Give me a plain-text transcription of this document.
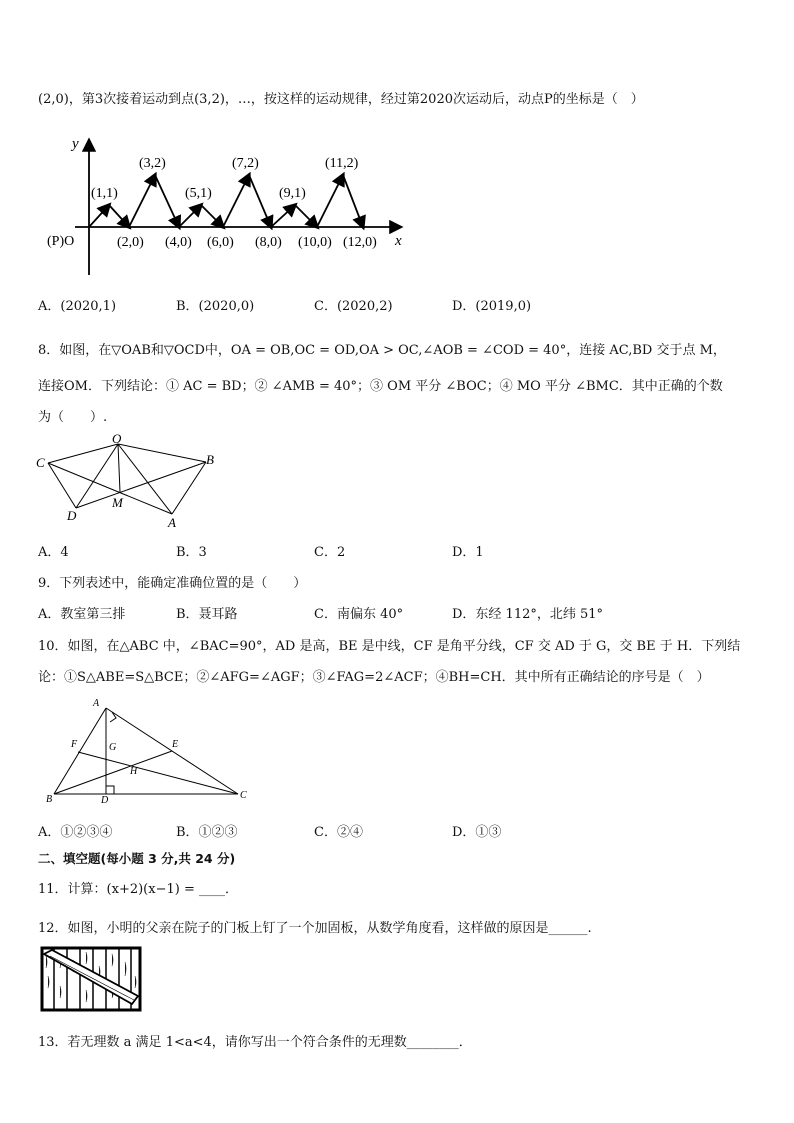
(2,0)，第3次接着运动到点(3,2)，…，按这样的运动规律，经过第2020次运动后，动点P的坐标是（　）
y
x
(P)O
(1,1)
(3,2)
(5,1)
(7,2)
(9,1)
(11,2)
(2,0) (4,0) (6,0) (8,0) (10,0) (12,0)
A．(2020,1)	B．(2020,0)	C．(2020,2)	D．(2019,0)
8．如图，在▽OAB和▽OCD中，OA = OB,OC = OD,OA > OC,∠AOB = ∠COD = 40°，连接 AC,BD 交于点 M，
连接OM．下列结论：① AC = BD；② ∠AMB = 40°；③ OM 平分 ∠BOC；④ MO 平分 ∠BMC．其中正确的个数
为（　　）.
O
C	B
D
M
A
A．4	B．3	C．2	D．1
9．下列表述中，能确定准确位置的是（　　）
A．教室第三排	B．聂耳路	C．南偏东 40°	D．东经 112°，北纬 51°
10．如图，在△ABC 中，∠BAC=90°，AD 是高，BE 是中线，CF 是角平分线，CF 交 AD 于 G，交 BE 于 H．下列结
论：①S△ABE=S△BCE；②∠AFG=∠AGF；③∠FAG=2∠ACF；④BH=CH．其中所有正确结论的序号是（　）
A
F	G	E
H
B	D	C
A．①②③④	B．①②③	C．②④	D．①③
二、填空题(每小题 3 分,共 24 分)
11．计算：(x+2)(x−1) = ____．
12．如图，小明的父亲在院子的门板上钉了一个加固板，从数学角度看，这样做的原因是______.
13．若无理数 a 满足 1<a<4，请你写出一个符合条件的无理数________．
